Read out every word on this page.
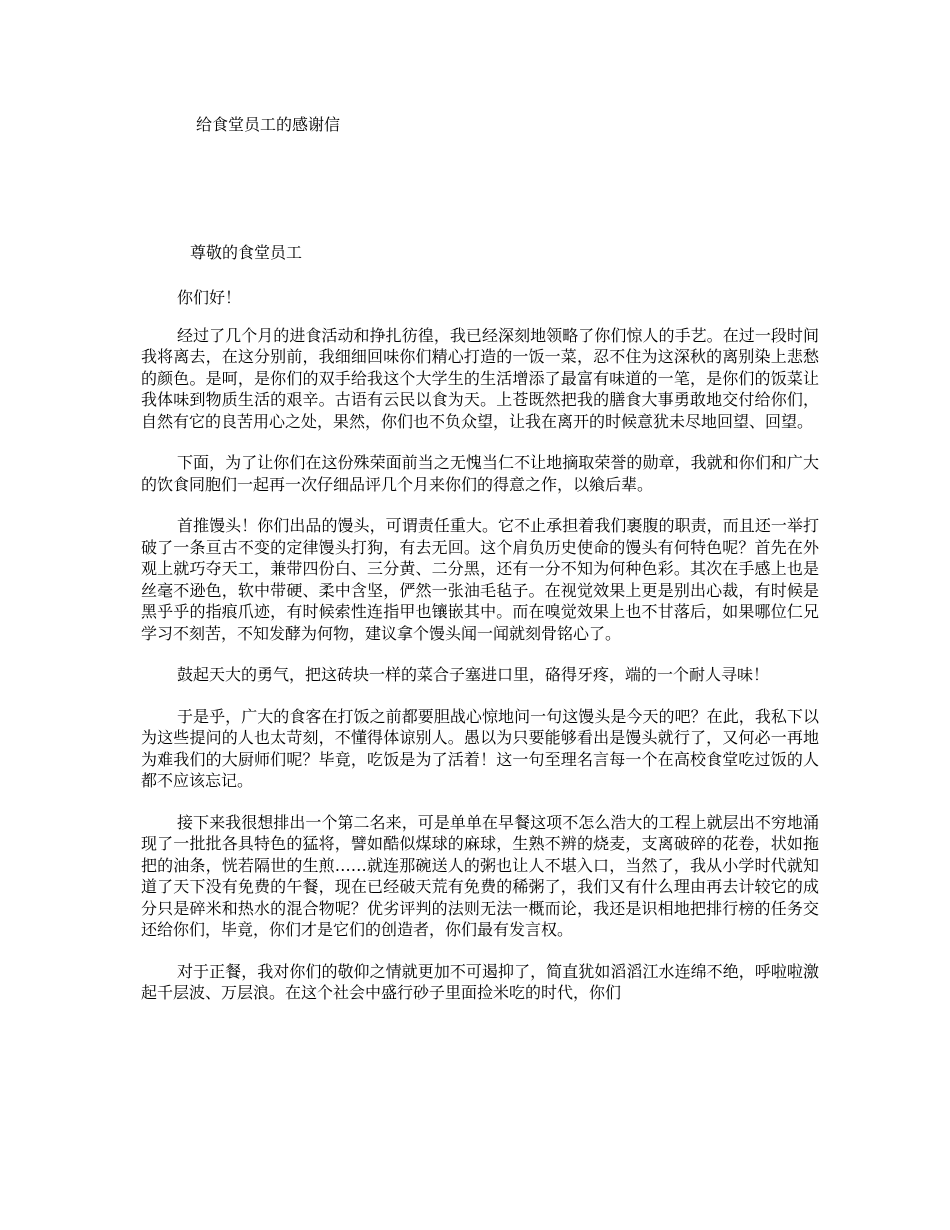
给食堂员工的感谢信
尊敬的食堂员工

你们好！

经过了几个月的进食活动和挣扎彷徨，我已经深刻地领略了你们惊人的手艺。在过一段时间我将离去，在这分别前，我细细回味你们精心打造的一饭一菜，忍不住为这深秋的离别染上悲愁的颜色。是呵，是你们的双手给我这个大学生的生活增添了最富有味道的一笔，是你们的饭菜让我体味到物质生活的艰辛。古语有云民以食为天。上苍既然把我的膳食大事勇敢地交付给你们，自然有它的良苦用心之处，果然，你们也不负众望，让我在离开的时候意犹未尽地回望、回望。

下面，为了让你们在这份殊荣面前当之无愧当仁不让地摘取荣誉的勋章，我就和你们和广大的饮食同胞们一起再一次仔细品评几个月来你们的得意之作，以飨后辈。

首推馒头！你们出品的馒头，可谓责任重大。它不止承担着我们裹腹的职责，而且还一举打破了一条亘古不变的定律馒头打狗，有去无回。这个肩负历史使命的馒头有何特色呢？首先在外观上就巧夺天工，兼带四份白、三分黄、二分黑，还有一分不知为何种色彩。其次在手感上也是丝毫不逊色，软中带硬、柔中含坚，俨然一张油毛毡子。在视觉效果上更是别出心裁，有时候是黑乎乎的指痕爪迹，有时候索性连指甲也镶嵌其中。而在嗅觉效果上也不甘落后，如果哪位仁兄学习不刻苦，不知发酵为何物，建议拿个馒头闻一闻就刻骨铭心了。

鼓起天大的勇气，把这砖块一样的菜合子塞进口里，硌得牙疼，端的一个耐人寻味！

于是乎，广大的食客在打饭之前都要胆战心惊地问一句这馒头是今天的吧？在此，我私下以为这些提问的人也太苛刻，不懂得体谅别人。愚以为只要能够看出是馒头就行了，又何必一再地为难我们的大厨师们呢？毕竟，吃饭是为了活着！这一句至理名言每一个在高校食堂吃过饭的人都不应该忘记。

接下来我很想排出一个第二名来，可是单单在早餐这项不怎么浩大的工程上就层出不穷地涌现了一批批各具特色的猛将，譬如酷似煤球的麻球，生熟不辨的烧麦，支离破碎的花卷，状如拖把的油条，恍若隔世的生煎……就连那碗送人的粥也让人不堪入口，当然了，我从小学时代就知道了天下没有免费的午餐，现在已经破天荒有免费的稀粥了，我们又有什么理由再去计较它的成分只是碎米和热水的混合物呢？优劣评判的法则无法一概而论，我还是识相地把排行榜的任务交还给你们，毕竟，你们才是它们的创造者，你们最有发言权。

对于正餐，我对你们的敬仰之情就更加不可遏抑了，简直犹如滔滔江水连绵不绝，呼啦啦激起千层波、万层浪。在这个社会中盛行砂子里面捡米吃的时代，你们
